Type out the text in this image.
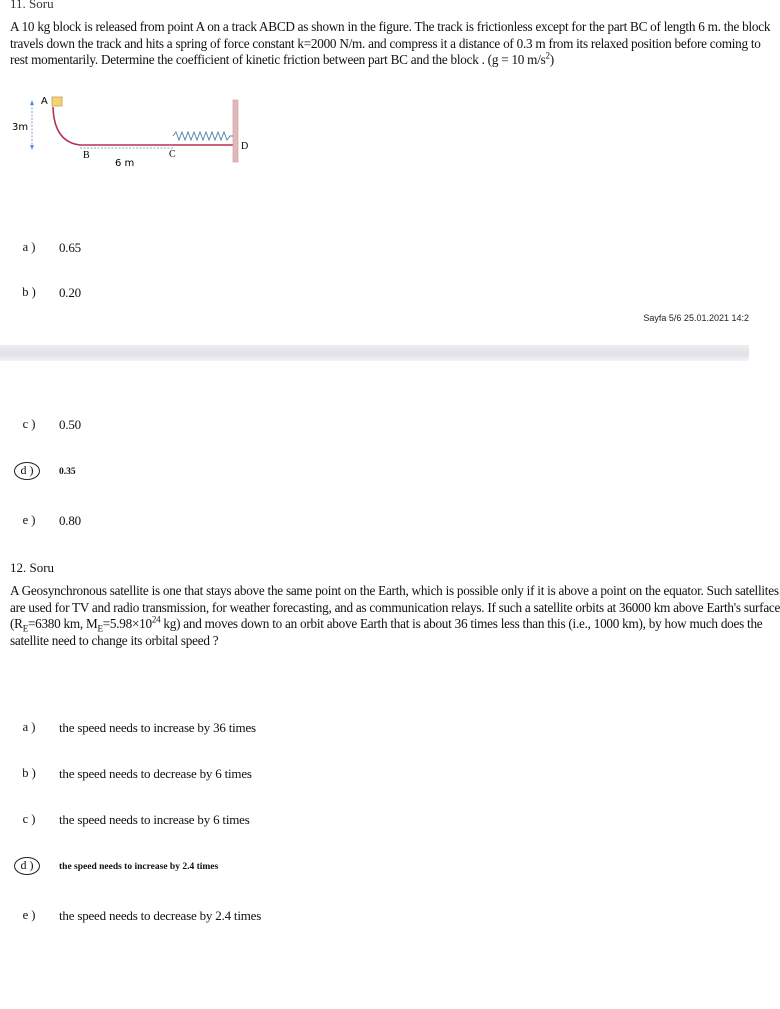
11. Soru
A 10 kg block is released from point A on a track ABCD as shown in the figure. The track is frictionless except for the part BC of length 6 m. the block
travels down the track and hits a spring of force constant k=2000 N/m. and compress it a distance of 0.3 m from its relaxed position before coming to
rest momentarily. Determine the coefficient of kinetic friction between part BC and the block . (g = 10 $m/s^2$)
A
B	C
D
3m
6 m
a )	0.65
b )	0.20
Sayfa 5/6 25.01.2021 14:2
c )	0.50
d )	0.35
e )	0.80
12. Soru
A Geosynchronous satellite is one that stays above the same point on the Earth, which is possible only if it is above a point on the equator. Such satellites
are used for TV and radio transmission, for weather forecasting, and as communication relays. If such a satellite orbits at 36000 km above Earth's surface
($R_E=6380$ km, $M_E=5.98\times 10^{24}$ kg) and moves down to an orbit above Earth that is about 36 times less than this (i.e., 1000 km), by how much does the
satellite need to change its orbital speed ?
a )	the speed needs to increase by 36 times
b )	the speed needs to decrease by 6 times
c )	the speed needs to increase by 6 times
d )	the speed needs to increase by 2.4 times
e )	the speed needs to decrease by 2.4 times
